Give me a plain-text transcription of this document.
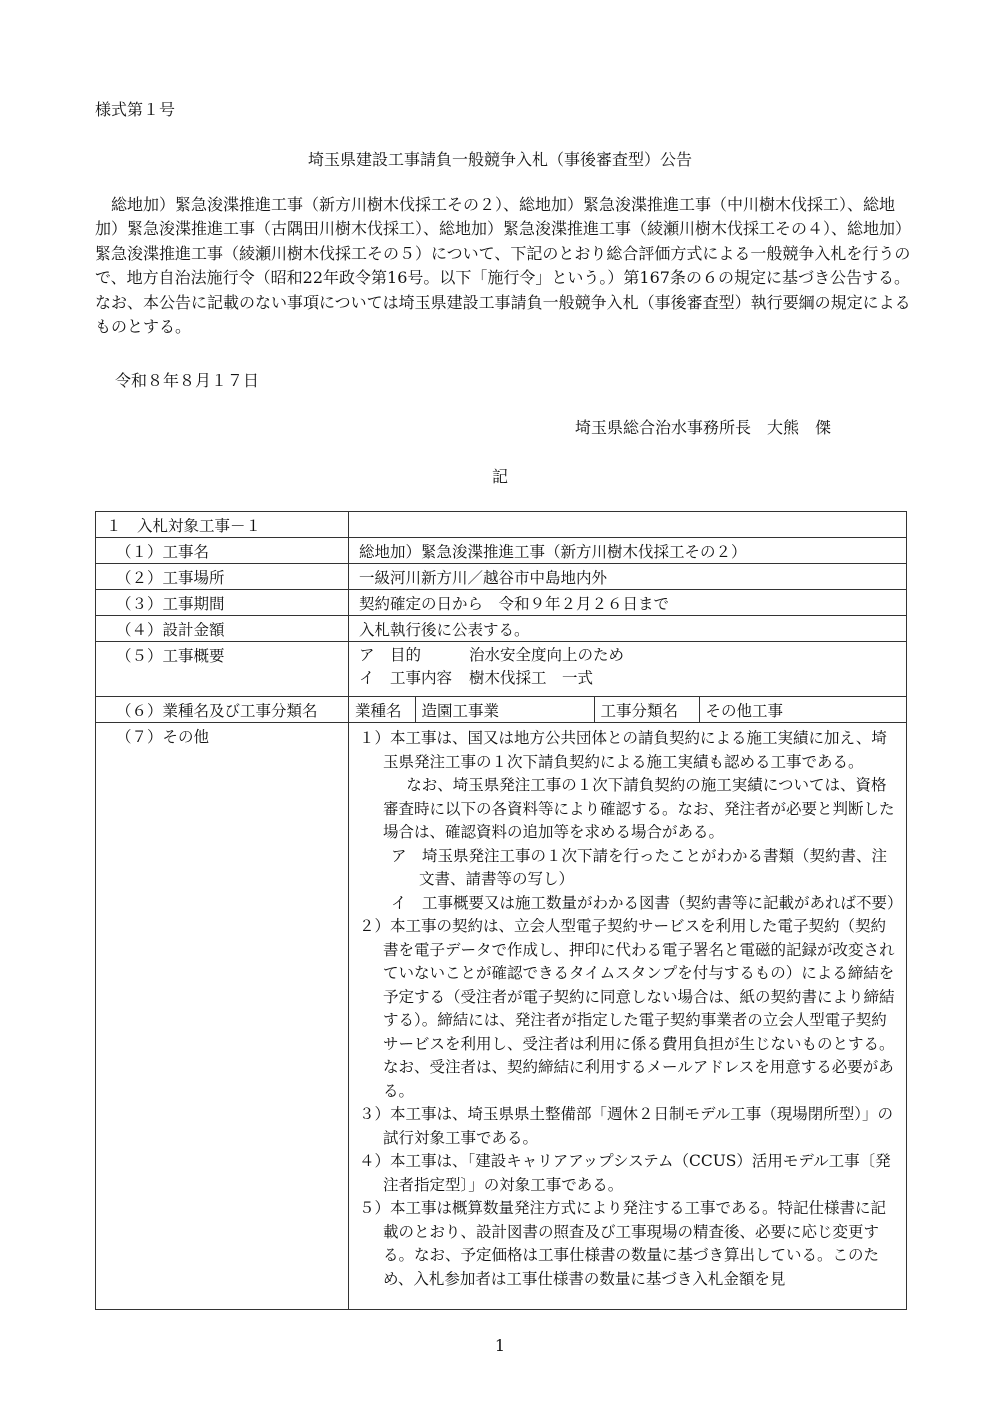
様式第１号
埼玉県建設工事請負一般競争入札（事後審査型）公告
総地加）緊急浚渫推進工事（新方川樹木伐採工その２）、総地加）緊急浚渫推進工事（中川樹木伐採工）、総地加）緊急浚渫推進工事（古隅田川樹木伐採工）、総地加）緊急浚渫推進工事（綾瀬川樹木伐採工その４）、総地加）緊急浚渫推進工事（綾瀬川樹木伐採工その５）について、下記のとおり総合評価方式による一般競争入札を行うので、地方自治法施行令（昭和22年政令第16号。以下「施行令」という。）第167条の６の規定に基づき公告する。なお、本公告に記載のない事項については埼玉県建設工事請負一般競争入札（事後審査型）執行要綱の規定によるものとする。
令和８年８月１７日
埼玉県総合治水事務所長　大熊　傑
記
１　入札対象工事－１	
（１）工事名	総地加）緊急浚渫推進工事（新方川樹木伐採工その２）
（２）工事場所	一級河川新方川／越谷市中島地内外
（３）工事期間	契約確定の日から　令和９年２月２６日まで
（４）設計金額	入札執行後に公表する。
（５）工事概要	ア　目的	治水安全度向上のため
イ　工事内容 樹木伐採工　一式

（６）業種名及び工事分類名	業種名	造園工事業	工事分類名	その他工事

（７）その他	１）本工事は、国又は地方公共団体との請負契約による施工実績に加え、埼玉県発注工事の１次下請負契約による施工実績も認める工事である。
なお、埼玉県発注工事の１次下請負契約の施工実績については、資格審査時に以下の各資料等により確認する。なお、発注者が必要と判断した場合は、確認資料の追加等を求める場合がある。
ア　埼玉県発注工事の１次下請を行ったことがわかる書類（契約書、注文書、請書等の写し）
イ　工事概要又は施工数量がわかる図書（契約書等に記載があれば不要）
２）本工事の契約は、立会人型電子契約サービスを利用した電子契約（契約書を電子データで作成し、押印に代わる電子署名と電磁的記録が改変されていないことが確認できるタイムスタンプを付与するもの）による締結を予定する（受注者が電子契約に同意しない場合は、紙の契約書により締結する）。締結には、発注者が指定した電子契約事業者の立会人型電子契約サービスを利用し、受注者は利用に係る費用負担が生じないものとする。なお、受注者は、契約締結に利用するメールアドレスを用意する必要がある。
３）本工事は、埼玉県県土整備部「週休２日制モデル工事（現場閉所型）」の試行対象工事である。
４）本工事は、「建設キャリアアップシステム（CCUS）活用モデル工事〔発注者指定型〕」の対象工事である。
５）本工事は概算数量発注方式により発注する工事である。特記仕様書に記載のとおり、設計図書の照査及び工事現場の精査後、必要に応じ変更する。なお、予定価格は工事仕様書の数量に基づき算出している。このため、入札参加者は工事仕様書の数量に基づき入札金額を見
1
